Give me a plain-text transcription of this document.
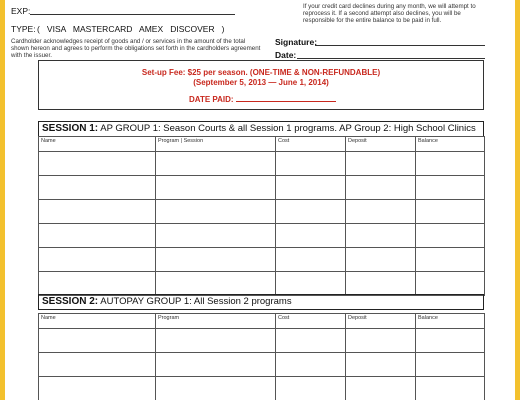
EXP:
TYPE: (   VISA   MASTERCARD   AMEX   DISCOVER   )
Cardholder acknowledges receipt of goods and / or services in the amount of the total shown hereon and agrees to perform the obligations set forth in the cardholders agreement with the issuer.
If your credit card declines during any month, we will attempt to reprocess it. If a second attempt also declines, you will be responsible for the entire balance to be paid in full.
Signature:
Date:
Set-up Fee: $25 per season. (ONE-TIME & NON-REFUNDABLE)
(September 5, 2013 — June 1, 2014)
DATE PAID:
SESSION 1: AP GROUP 1: Season Courts & all Session 1 programs. AP Group 2: High School Clinics
Name	Program | Session	Cost	Deposit	Balance

SESSION 2: AUTOPAY GROUP 1: All Session 2 programs
Name	Program	Cost	Deposit	Balance
